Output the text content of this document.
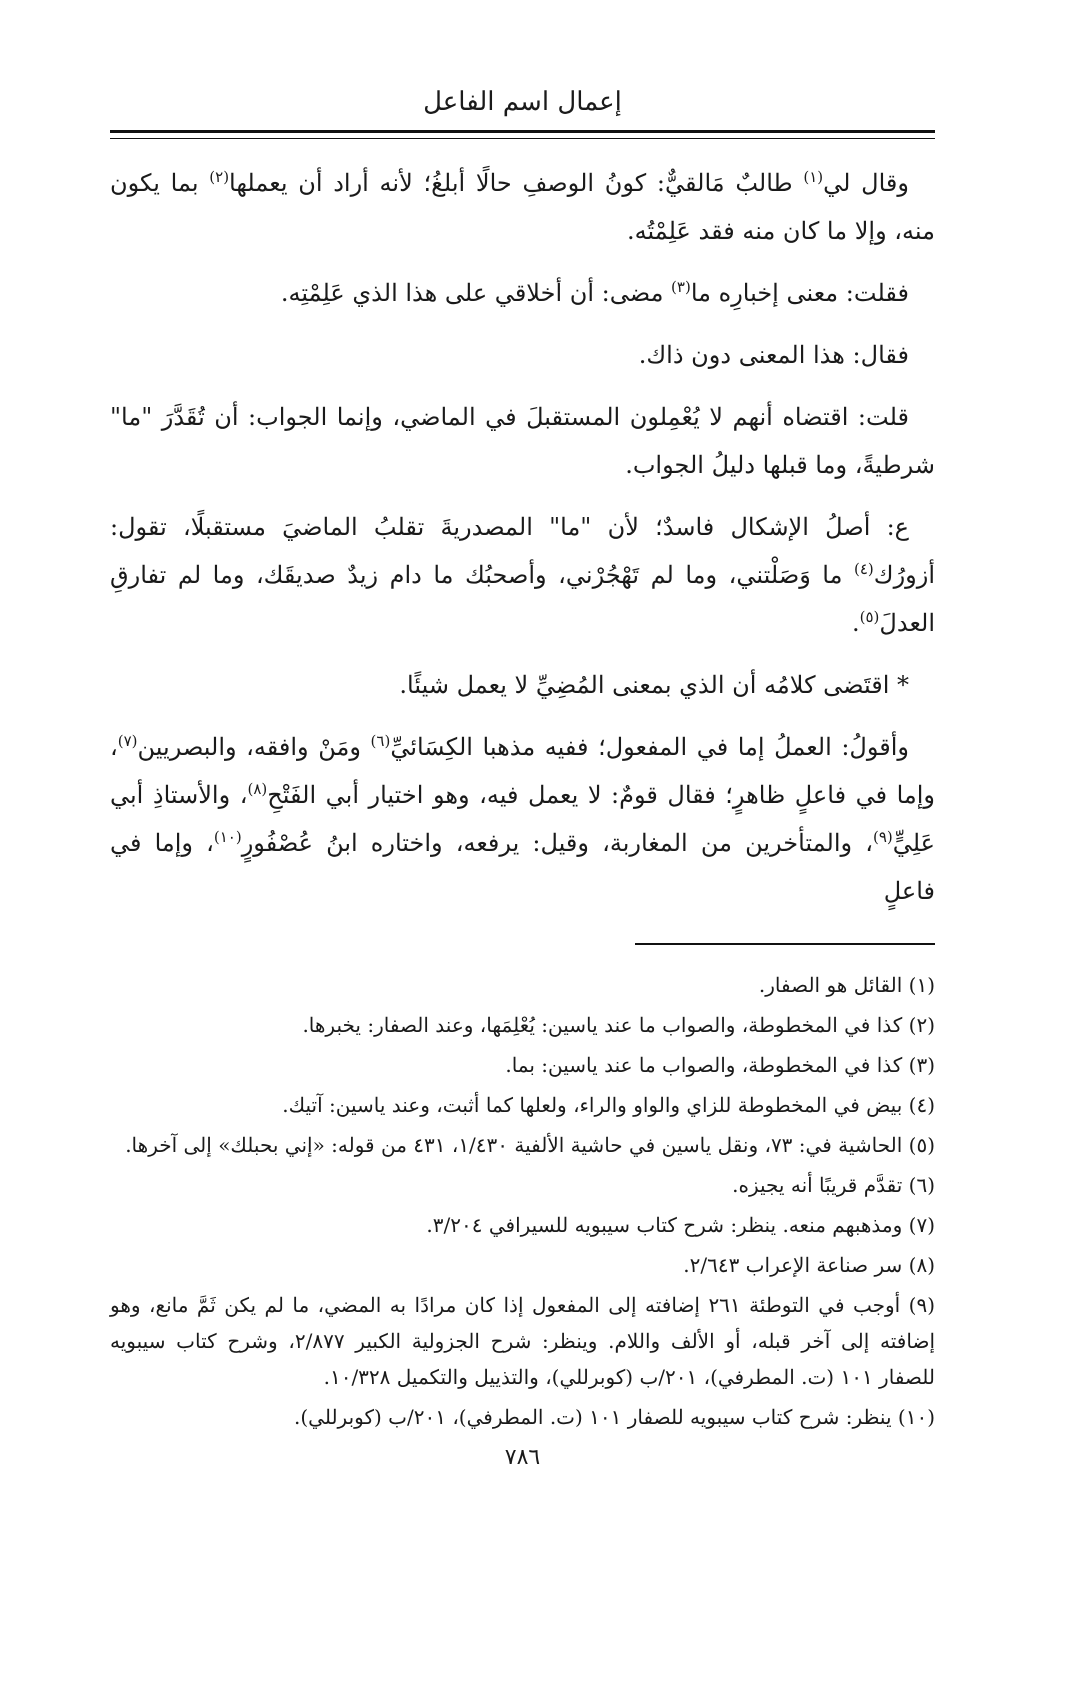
إعمال اسم الفاعل

وقال لي$^{(١)}$ طالبٌ مَالقيٌّ: كونُ الوصفِ حالًا أبلغُ؛ لأنه أراد أن يعملها$^{(٢)}$ بما يكون منه، وإلا ما كان منه فقد عَلِمْتُه.

فقلت: معنى إخبارِه ما$^{(٣)}$ مضى: أن أخلاقي على هذا الذي عَلِمْتِه.

فقال: هذا المعنى دون ذاك.

قلت: اقتضاه أنهم لا يُعْمِلون المستقبلَ في الماضي، وإنما الجواب: أن تُقَدَّرَ "ما" شرطيةً، وما قبلها دليلُ الجواب.

ع: أصلُ الإشكال فاسدٌ؛ لأن "ما" المصدريةَ تقلبُ الماضيَ مستقبلًا، تقول: أزورُك$^{(٤)}$ ما وَصَلْتني، وما لم تَهْجُرْني، وأصحبُك ما دام زيدٌ صديقَك، وما لم تفارقِ العدلَ$^{(٥)}$.

* اقتَضى كلامُه أن الذي بمعنى المُضِيِّ لا يعمل شيئًا.

وأقولُ: العملُ إما في المفعول؛ ففيه مذهبا الكِسَائيِّ$^{(٦)}$ ومَنْ وافقه، والبصريين$^{(٧)}$، وإما في فاعلٍ ظاهرٍ؛ فقال قومٌ: لا يعمل فيه، وهو اختيار أبي الفَتْحِ$^{(٨)}$، والأستاذِ أبي عَلِيٍّ$^{(٩)}$، والمتأخرين من المغاربة، وقيل: يرفعه، واختاره ابنُ عُصْفُورٍ$^{(١٠)}$، وإما في فاعلٍ

(١) القائل هو الصفار.
(٢) كذا في المخطوطة، والصواب ما عند ياسين: يُعْلِمَها، وعند الصفار: يخبرها.
(٣) كذا في المخطوطة، والصواب ما عند ياسين: بما.
(٤) بيض في المخطوطة للزاي والواو والراء، ولعلها كما أثبت، وعند ياسين: آتيك.
(٥) الحاشية في: ٧٣، ونقل ياسين في حاشية الألفية ١/٤٣٠، ٤٣١ من قوله: «إني بحبلك» إلى آخرها.
(٦) تقدَّم قريبًا أنه يجيزه.
(٧) ومذهبهم منعه. ينظر: شرح كتاب سيبويه للسيرافي ٣/٢٠٤.
(٨) سر صناعة الإعراب ٢/٦٤٣.
(٩) أوجب في التوطئة ٢٦١ إضافته إلى المفعول إذا كان مرادًا به المضي، ما لم يكن ثَمَّ مانع، وهو إضافته إلى آخر قبله، أو الألف واللام. وينظر: شرح الجزولية الكبير ٢/٨٧٧، وشرح كتاب سيبويه للصفار ١٠١ (ت. المطرفي)، ٢٠١/ب (كوبرللي)، والتذييل والتكميل ١٠/٣٢٨.
(١٠) ينظر: شرح كتاب سيبويه للصفار ١٠١ (ت. المطرفي)، ٢٠١/ب (كوبرللي).
٧٨٦
